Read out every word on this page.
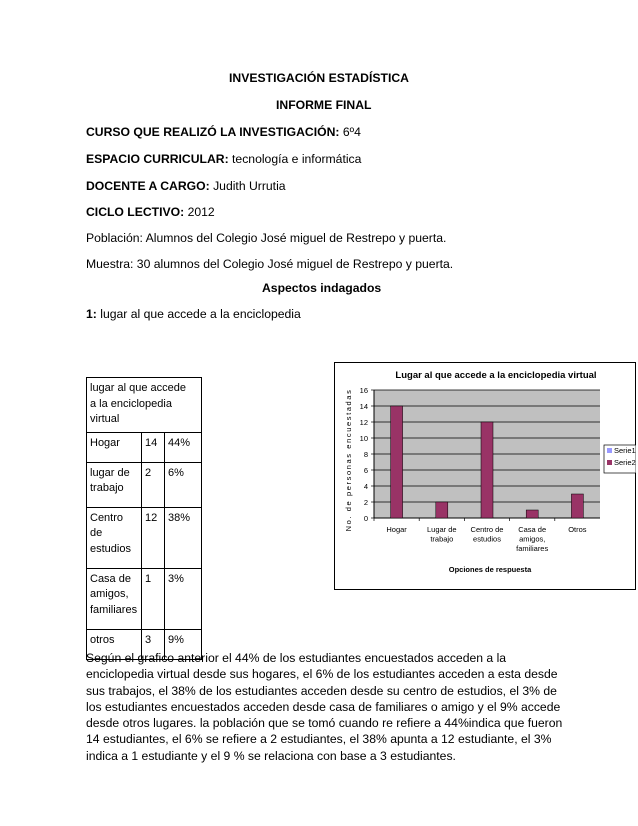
INVESTIGACIÓN ESTADÍSTICA
INFORME FINAL
CURSO QUE REALIZÓ LA INVESTIGACIÓN: 6º4
ESPACIO CURRICULAR: tecnología e informática
DOCENTE A CARGO: Judith Urrutia
CICLO LECTIVO: 2012
Población: Alumnos del Colegio José miguel de Restrepo y puerta.
Muestra: 30 alumnos del Colegio José miguel de Restrepo y puerta.
Aspectos indagados
1: lugar al que accede a la enciclopedia
lugar al que accede
a la enciclopedia
virtual		

Hogar	14	44%

lugar de
trabajo	2	6%

Centro
de
estudios	12	38%

Casa de
amigos,
familiares	1	3%

otros	3	9%
Lugar al que accede a la enciclopedia virtual
0
2
4
6
8
10
12
14
16
Hogar	Lugar de
trabajo
Centro de
estudios
Casa de
amigos,
familiares
Otros
Opciones de respuesta
No. de personas encuestadas	Serie1
Serie2
Según el grafico anterior el 44% de los estudiantes encuestados acceden a la
enciclopedia virtual desde sus hogares, el 6% de los estudiantes acceden a esta desde
sus trabajos, el 38% de los estudiantes acceden desde su centro de estudios, el 3% de
los estudiantes encuestados acceden desde casa de familiares o amigo y el 9% accede
desde otros lugares. la población que se tomó cuando re refiere a 44%indica que fueron
14 estudiantes, el 6% se refiere a 2 estudiantes, el 38% apunta a 12 estudiante, el 3%
indica a 1 estudiante y el 9 % se relaciona con base a 3 estudiantes.
